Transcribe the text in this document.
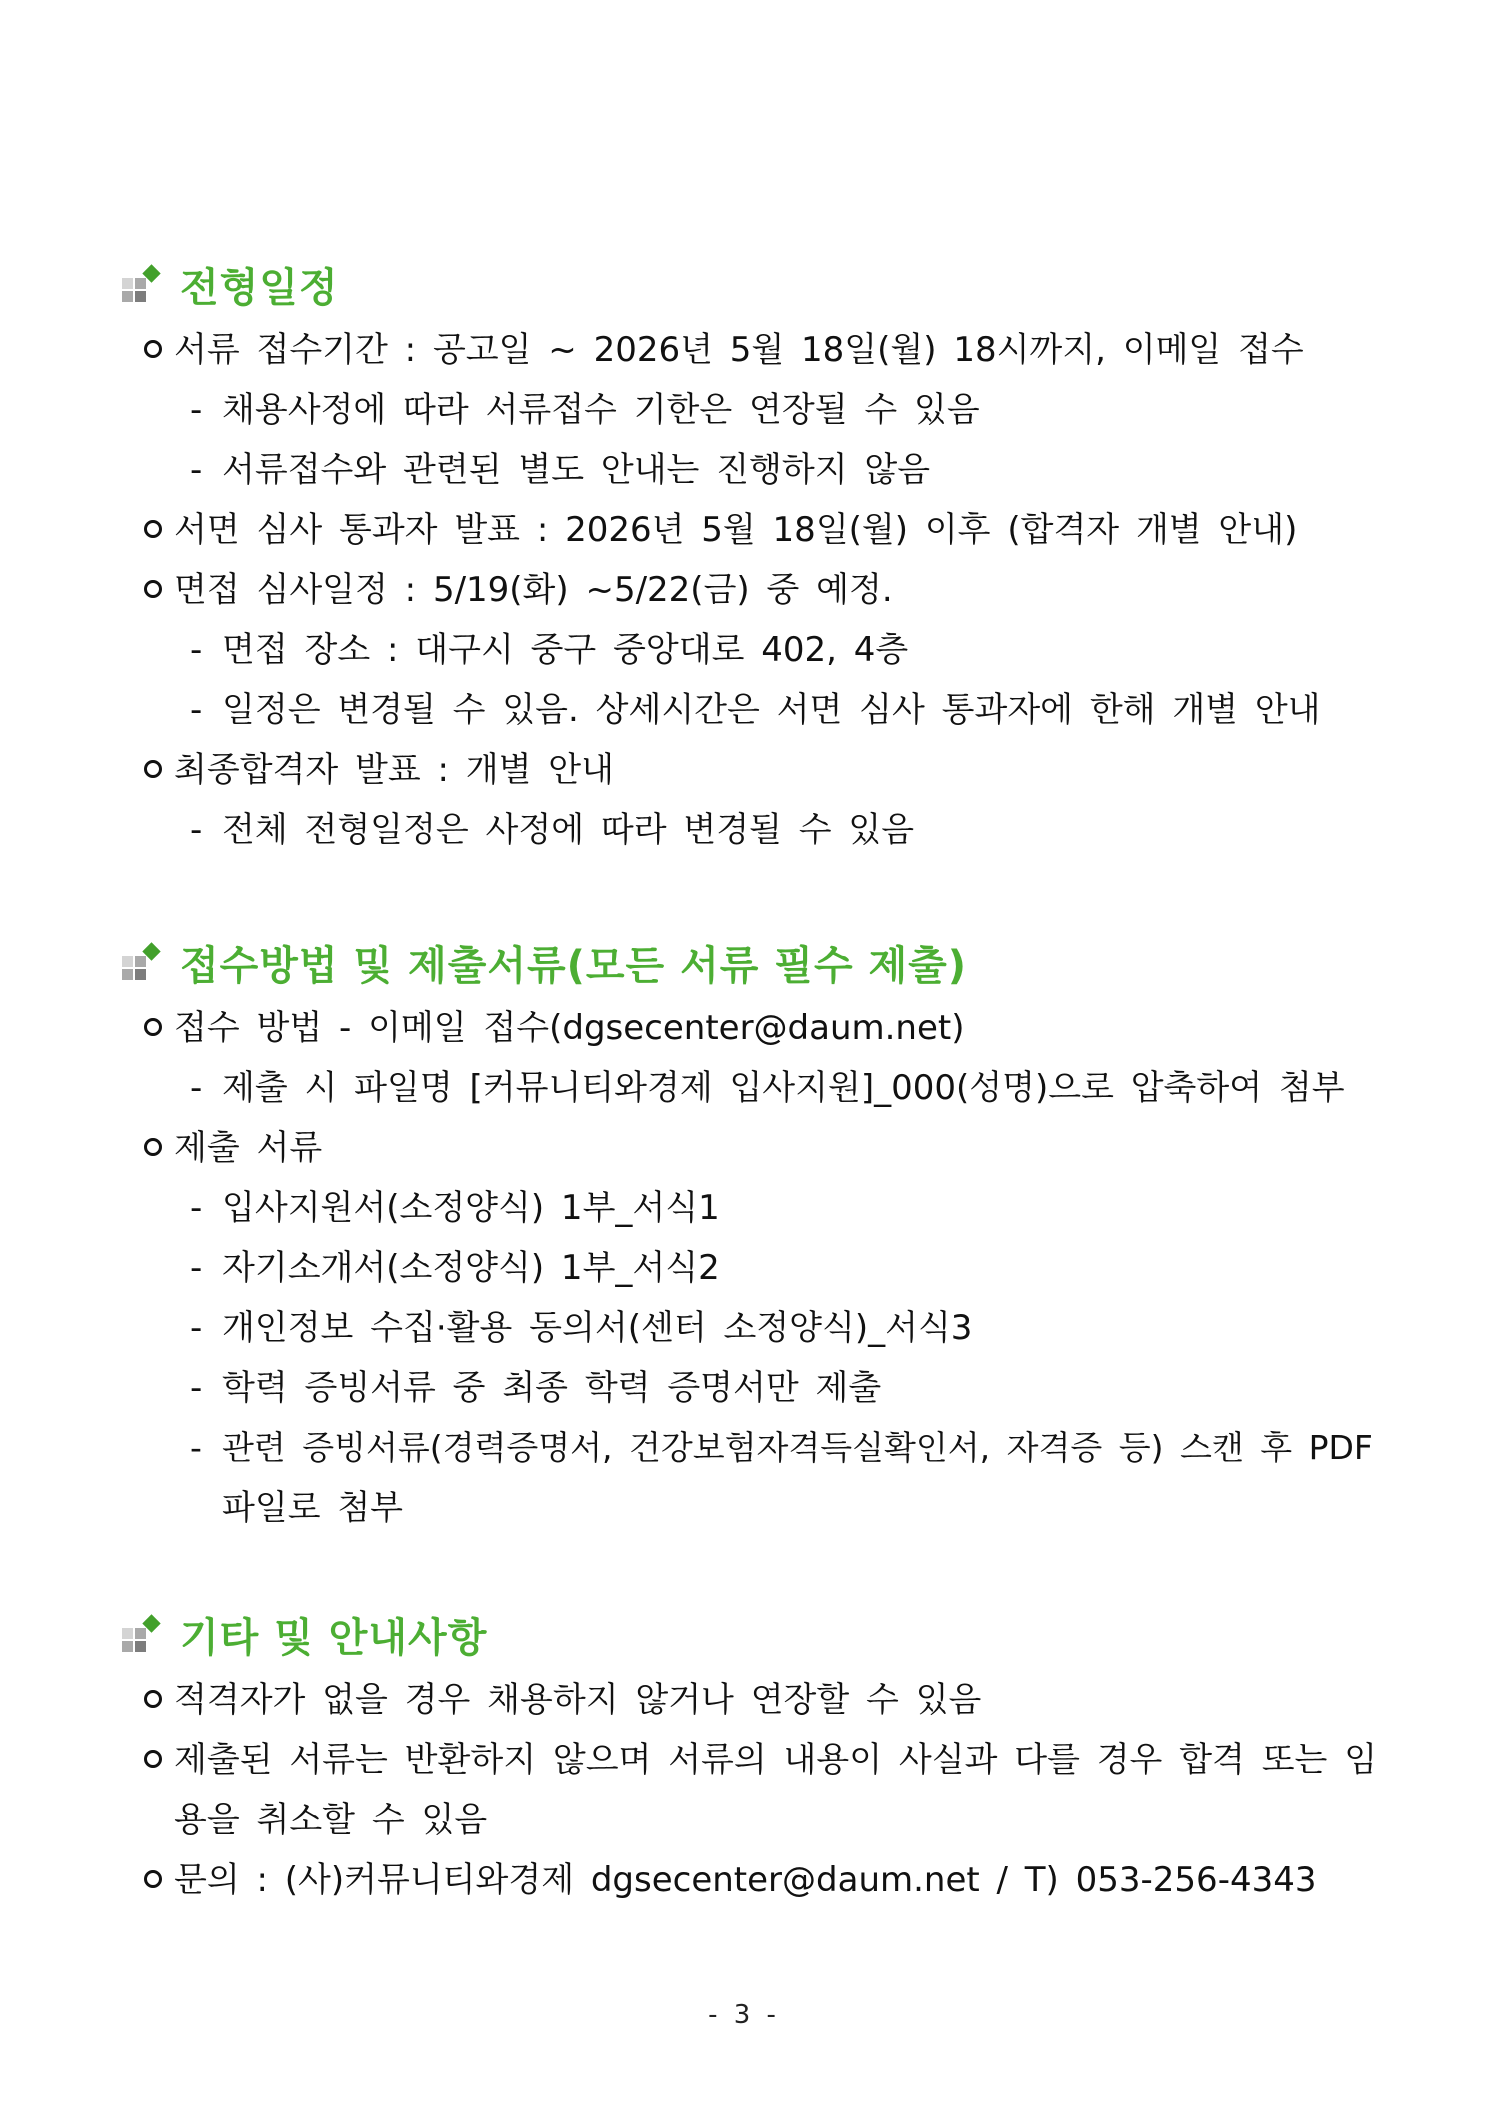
전형일정
서류 접수기간 : 공고일 ~ 2026년 5월 18일(월) 18시까지, 이메일 접수
- 채용사정에 따라 서류접수 기한은 연장될 수 있음
- 서류접수와 관련된 별도 안내는 진행하지 않음
서면 심사 통과자 발표 : 2026년 5월 18일(월) 이후 (합격자 개별 안내)
면접 심사일정 : 5/19(화) ~5/22(금) 중 예정.
- 면접 장소 : 대구시 중구 중앙대로 402, 4층
- 일정은 변경될 수 있음. 상세시간은 서면 심사 통과자에 한해 개별 안내
최종합격자 발표 : 개별 안내
- 전체 전형일정은 사정에 따라 변경될 수 있음
접수방법 및 제출서류(모든 서류 필수 제출)
접수 방법 - 이메일 접수(dgsecenter@daum.net)
- 제출 시 파일명 [커뮤니티와경제 입사지원]_000(성명)으로 압축하여 첨부
제출 서류
- 입사지원서(소정양식) 1부_서식1
- 자기소개서(소정양식) 1부_서식2
- 개인정보 수집·활용 동의서(센터 소정양식)_서식3
- 학력 증빙서류 중 최종 학력 증명서만 제출
- 관련 증빙서류(경력증명서, 건강보험자격득실확인서, 자격증 등) 스캔 후 PDF
파일로 첨부
기타 및 안내사항
적격자가 없을 경우 채용하지 않거나 연장할 수 있음
제출된 서류는 반환하지 않으며 서류의 내용이 사실과 다를 경우 합격 또는 임
용을 취소할 수 있음
문의 : (사)커뮤니티와경제 dgsecenter@daum.net / T) 053-256-4343
- 3 -
